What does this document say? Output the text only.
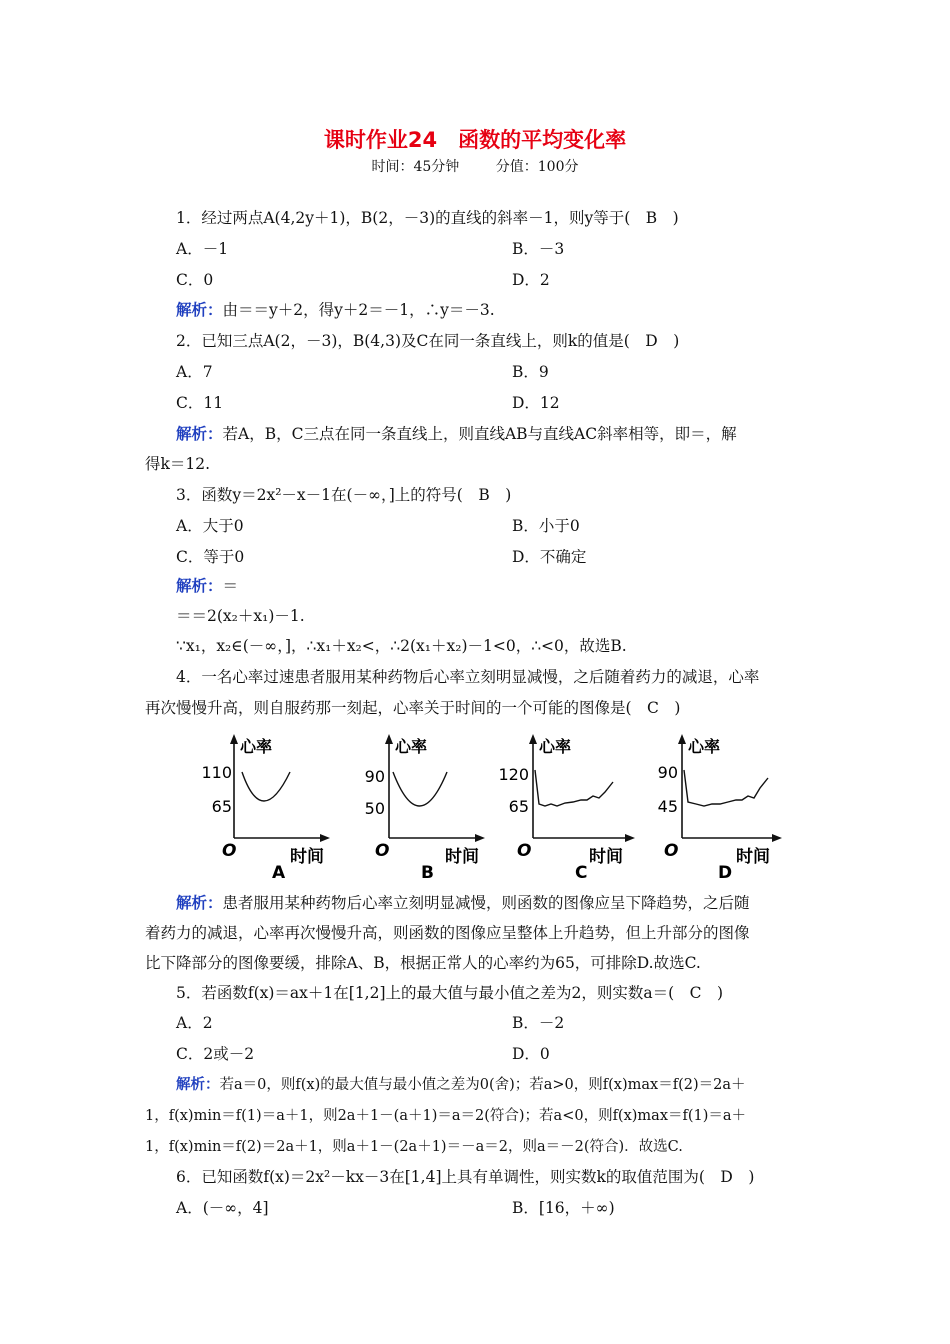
课时作业24　函数的平均变化率
时间：45分钟	分值：100分
1．经过两点A(4,2y＋1)，B(2，－3)的直线的斜率－1，则y等于(　B　)
A．－1	B．－3
C．0	D．2
解析：由＝＝y＋2，得y＋2＝－1，∴y＝－3.
2．已知三点A(2，－3)，B(4,3)及C在同一条直线上，则k的值是(　D　)
A．7	B．9
C．11	D．12
解析：若A，B，C三点在同一条直线上，则直线AB与直线AC斜率相等，即＝，解
得k＝12.
3．函数y＝2x²－x－1在(－∞，]上的符号(　B　)
A．大于0	B．小于0
C．等于0	D．不确定
解析：＝
＝＝2(x₂＋x₁)－1.
∵x₁，x₂∈(－∞，]，∴x₁＋x₂<，∴2(x₁＋x₂)－1<0，∴<0，故选B.
4．一名心率过速患者服用某种药物后心率立刻明显减慢，之后随着药力的减退，心率
再次慢慢升高，则自服药那一刻起，心率关于时间的一个可能的图像是(　C　)
心率
110
65
O	时间
A
心率
90
50
O	时间
B
心率
120
65
O	时间
C
心率
90
45
O	时间
D
解析：患者服用某种药物后心率立刻明显减慢，则函数的图像应呈下降趋势，之后随
着药力的减退，心率再次慢慢升高，则函数的图像应呈整体上升趋势，但上升部分的图像
比下降部分的图像要缓，排除A、B，根据正常人的心率约为65，可排除D.故选C.
5．若函数f(x)＝ax＋1在[1,2]上的最大值与最小值之差为2，则实数a＝(　C　)
A．2	B．－2
C．2或－2	D．0
解析：若a＝0，则f(x)的最大值与最小值之差为0(舍)；若a>0，则f(x)max＝f(2)＝2a＋
1，f(x)min＝f(1)＝a＋1，则2a＋1－(a＋1)＝a＝2(符合)；若a<0，则f(x)max＝f(1)＝a＋
1，f(x)min＝f(2)＝2a＋1，则a＋1－(2a＋1)＝－a＝2，则a＝－2(符合)．故选C.
6．已知函数f(x)＝2x²－kx－3在[1,4]上具有单调性，则实数k的取值范围为(　D　)
A．(－∞，4]	B．[16，＋∞)
